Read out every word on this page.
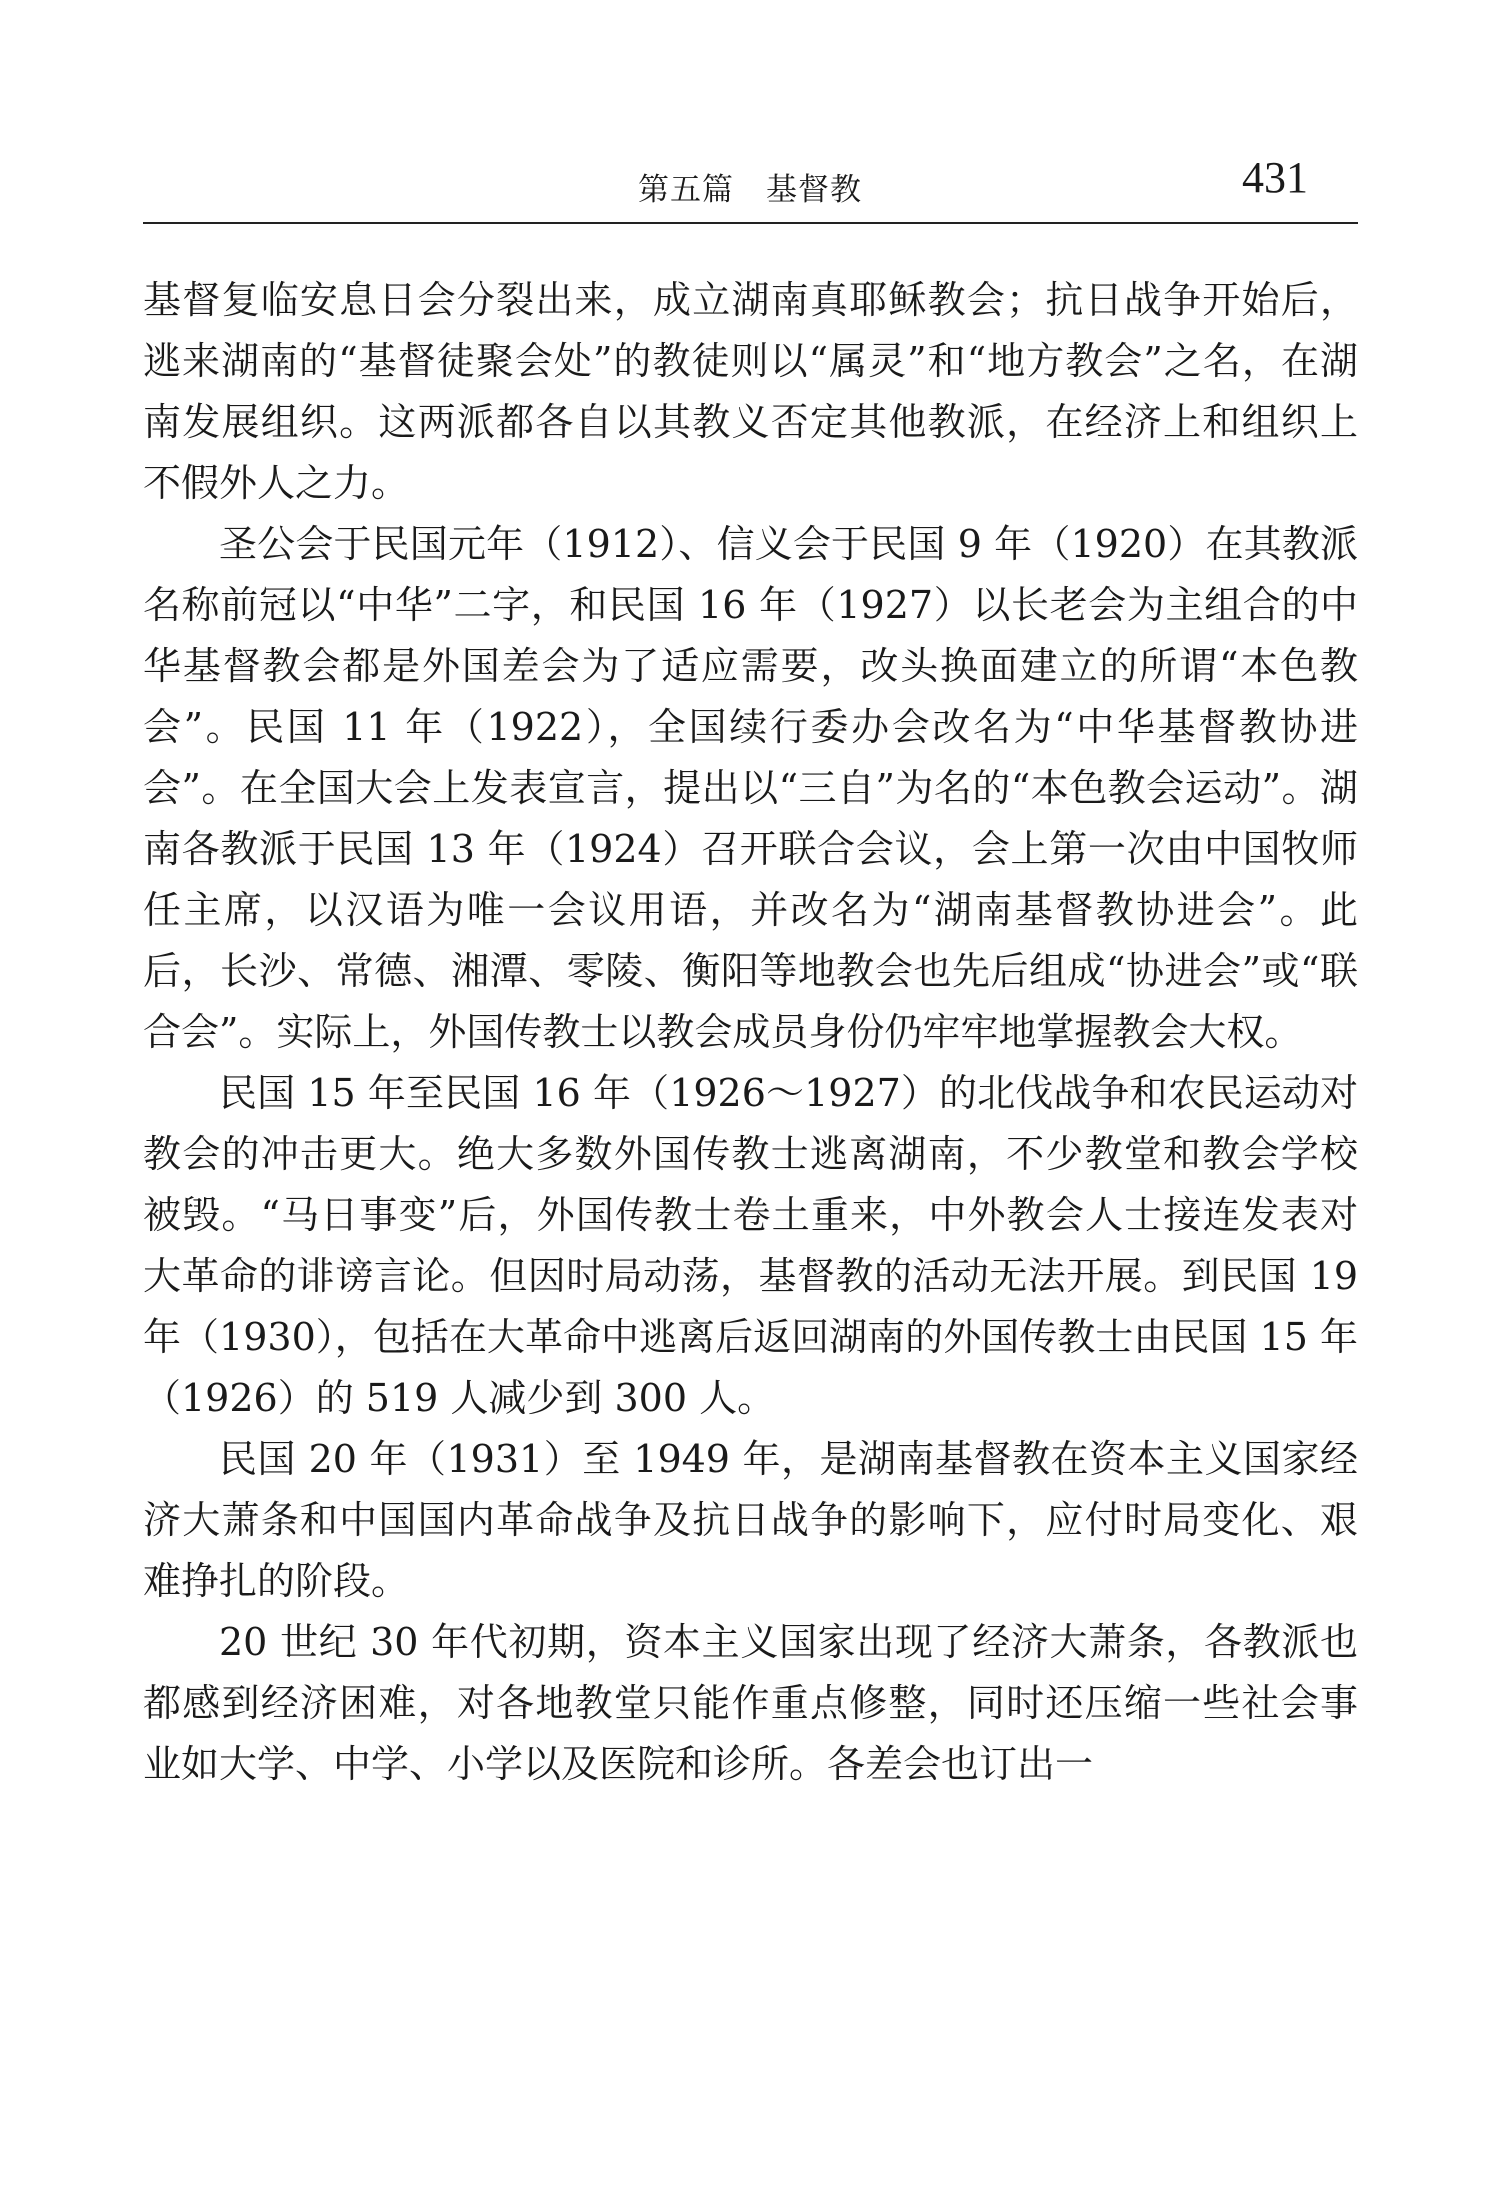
第五篇　基督教	431

基督复临安息日会分裂出来，成立湖南真耶稣教会；抗日战争开始后，逃来湖南的“基督徒聚会处”的教徒则以“属灵”和“地方教会”之名，在湖南发展组织。这两派都各自以其教义否定其他教派，在经济上和组织上不假外人之力。

圣公会于民国元年（1912）、信义会于民国 9 年（1920）在其教派名称前冠以“中华”二字，和民国 16 年（1927）以长老会为主组合的中华基督教会都是外国差会为了适应需要，改头换面建立的所谓“本色教会”。民国 11 年（1922），全国续行委办会改名为“中华基督教协进会”。在全国大会上发表宣言，提出以“三自”为名的“本色教会运动”。湖南各教派于民国 13 年（1924）召开联合会议，会上第一次由中国牧师任主席，以汉语为唯一会议用语，并改名为“湖南基督教协进会”。此后，长沙、常德、湘潭、零陵、衡阳等地教会也先后组成“协进会”或“联合会”。实际上，外国传教士以教会成员身份仍牢牢地掌握教会大权。

民国 15 年至民国 16 年（1926～1927）的北伐战争和农民运动对教会的冲击更大。绝大多数外国传教士逃离湖南，不少教堂和教会学校被毁。“马日事变”后，外国传教士卷土重来，中外教会人士接连发表对大革命的诽谤言论。但因时局动荡，基督教的活动无法开展。到民国 19 年（1930），包括在大革命中逃离后返回湖南的外国传教士由民国 15 年（1926）的 519 人减少到 300 人。

民国 20 年（1931）至 1949 年，是湖南基督教在资本主义国家经济大萧条和中国国内革命战争及抗日战争的影响下，应付时局变化、艰难挣扎的阶段。

20 世纪 30 年代初期，资本主义国家出现了经济大萧条，各教派也都感到经济困难，对各地教堂只能作重点修整，同时还压缩一些社会事业如大学、中学、小学以及医院和诊所。各差会也订出一
